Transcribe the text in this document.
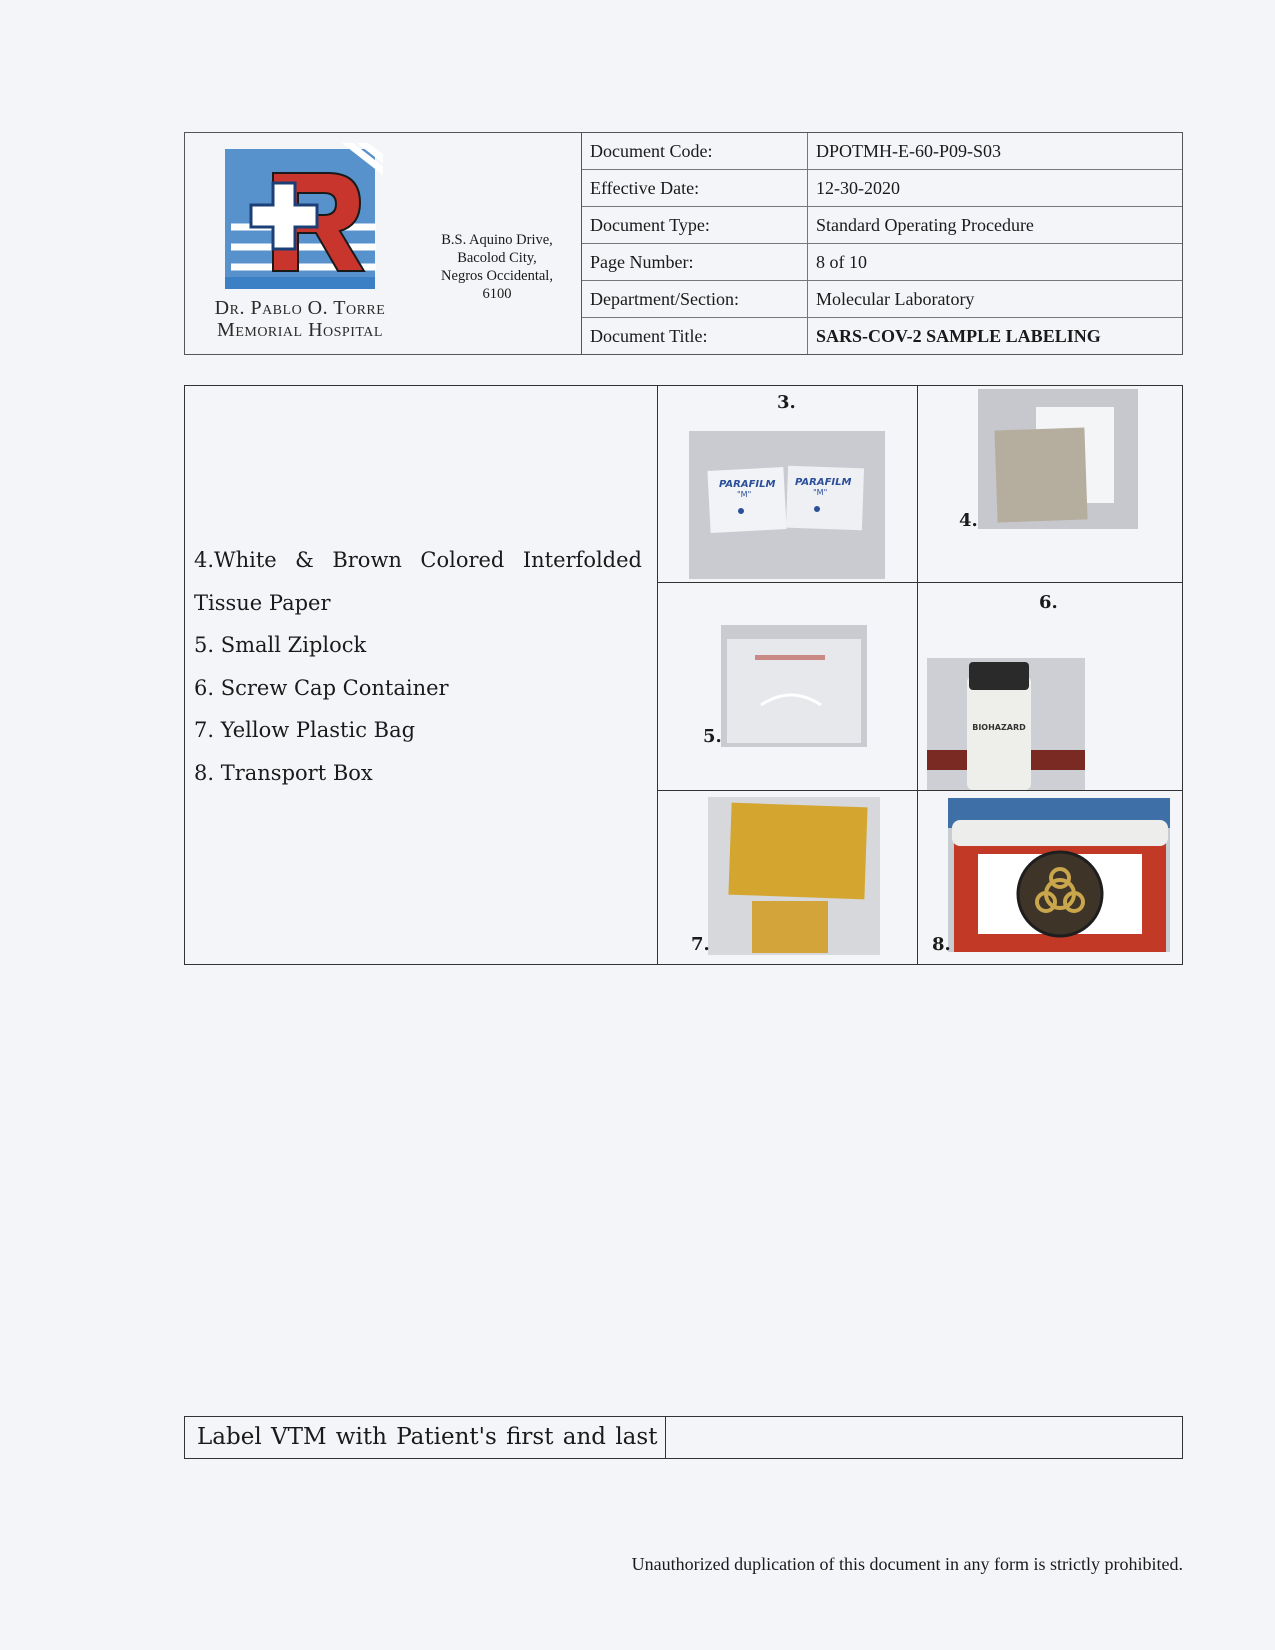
Dr. Pablo O. Torre
Memorial Hospital
B.S. Aquino Drive,
Bacolod City,
Negros Occidental,
6100
Document Code:	DPOTMH-E-60-P09-S03
Effective Date:	12-30-2020
Document Type:	Standard Operating Procedure
Page Number:	8 of 10
Department/Section:	Molecular Laboratory
Document Title:	SARS-COV-2 SAMPLE LABELING
3.
PARAFILM
"M"
PARAFILM
"M"
4.
5.
6.
BIOHAZARD
7.	8.
4.White & Brown Colored Interfolded
Tissue Paper
5. Small Ziplock
6. Screw Cap Container
7. Yellow Plastic Bag
8. Transport Box
Label VTM with Patient's first and last
Unauthorized duplication of this document in any form is strictly prohibited.
